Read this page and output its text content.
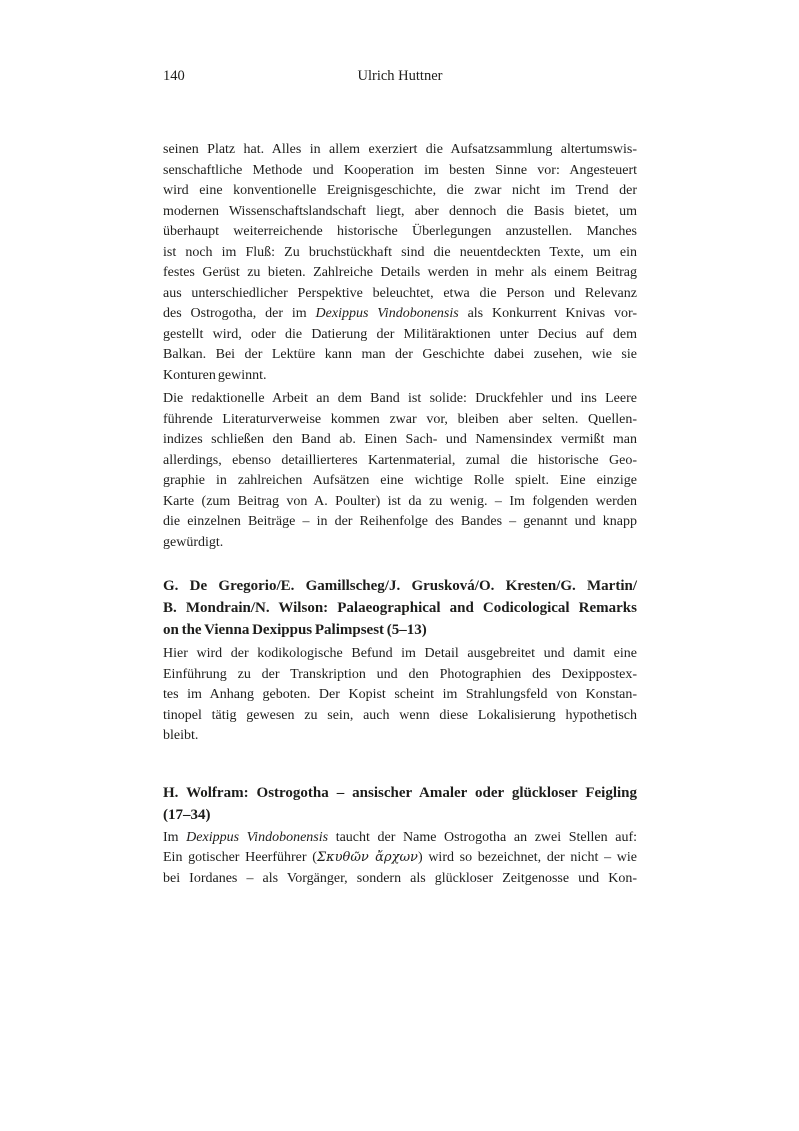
140	Ulrich Huttner
seinen Platz hat. Alles in allem exerziert die Aufsatzsammlung altertumswis-
senschaftliche Methode und Kooperation im besten Sinne vor: Angesteuert
wird eine konventionelle Ereignisgeschichte, die zwar nicht im Trend der
modernen Wissenschaftslandschaft liegt, aber dennoch die Basis bietet, um
überhaupt weiterreichende historische Überlegungen anzustellen. Manches
ist noch im Fluß: Zu bruchstückhaft sind die neuentdeckten Texte, um ein
festes Gerüst zu bieten. Zahlreiche Details werden in mehr als einem Beitrag
aus unterschiedlicher Perspektive beleuchtet, etwa die Person und Relevanz
des Ostrogotha, der im Dexippus Vindobonensis als Konkurrent Knivas vor-
gestellt wird, oder die Datierung der Militäraktionen unter Decius auf dem
Balkan. Bei der Lektüre kann man der Geschichte dabei zusehen, wie sie
Konturen gewinnt.
Die redaktionelle Arbeit an dem Band ist solide: Druckfehler und ins Leere
führende Literaturverweise kommen zwar vor, bleiben aber selten. Quellen-
indizes schließen den Band ab. Einen Sach- und Namensindex vermißt man
allerdings, ebenso detaillierteres Kartenmaterial, zumal die historische Geo-
graphie in zahlreichen Aufsätzen eine wichtige Rolle spielt. Eine einzige
Karte (zum Beitrag von A. Poulter) ist da zu wenig. – Im folgenden werden
die einzelnen Beiträge – in der Reihenfolge des Bandes – genannt und knapp
gewürdigt.
G. De Gregorio/E. Gamillscheg/J. Grusková/O. Kresten/G. Martin/
B. Mondrain/N. Wilson: Palaeographical and Codicological Remarks
on the Vienna Dexippus Palimpsest (5–13)
Hier wird der kodikologische Befund im Detail ausgebreitet und damit eine
Einführung zu der Transkription und den Photographien des Dexippostex-
tes im Anhang geboten. Der Kopist scheint im Strahlungsfeld von Konstan-
tinopel tätig gewesen zu sein, auch wenn diese Lokalisierung hypothetisch
bleibt.
H. Wolfram: Ostrogotha – ansischer Amaler oder glückloser Feigling
(17–34)
Im Dexippus Vindobonensis taucht der Name Ostrogotha an zwei Stellen auf:
Ein gotischer Heerführer (Σκυθῶν ἄρχων) wird so bezeichnet, der nicht – wie
bei Iordanes – als Vorgänger, sondern als glückloser Zeitgenosse und Kon-
